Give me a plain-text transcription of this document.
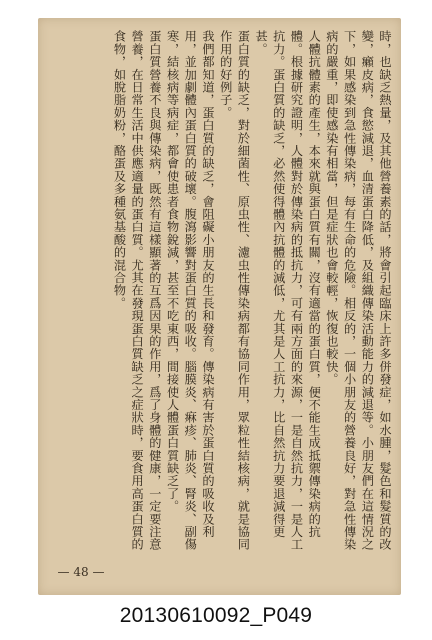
時，也缺乏熱量，及其他營養素的話，將會引起臨床上許多併發症，如水腫，髮色和髮質的改變，癩皮病，食慾減退，血清蛋白降低，及組織傳染活動能力的減退等。小朋友們在這情況之下，如果感染到急性傳染病，每有生命的危險。相反的，一個小朋友的營養良好，對急性傳染病的嚴重，即使感染有相當，但是症狀也會較輕，恢復也較快。

人體抗體素的產生，本來就與蛋白質有關，沒有適當的蛋白質，便不能生成抵禦傳染病的抗體。根據研究證明，人體對於傳染病的抵抗力，可有兩方面的來源，一是自然抗力，一是人工抗力。蛋白質的缺乏，必然使得體內抗體的減低，尤其是人工抗力，比自然抗力要退減得更甚。

蛋白質的缺乏，對於細菌性、原虫性、濾虫性傳染病都有協同作用，眾粒性結核病，就是協同作用的好例子。

我們都知道，蛋白質的缺乏，會阻礙小朋友的生長和發育。傳染病有害於蛋白質的吸收及利用，並加劇體內蛋白質的破壞。腹瀉影響對蛋白質的吸收。腦膜炎、痳疹、肺炎、腎炎、副傷寒，結核病等病症，都會使患者食物銳減，甚至不吃東西，間接使人體蛋白質缺乏了。

蛋白質營養不良與傳染病，既然有這樣顯著的互爲因果的作用，爲了身體的健康，一定要注意營養，在日常生活中供應適量的蛋白質。尤其在發現蛋白質缺乏之症狀時，要食用高蛋白質的食物，如脫脂奶粉，酪蛋及多種氨基酸的混合物。

— 48 —
20130610092_P049
